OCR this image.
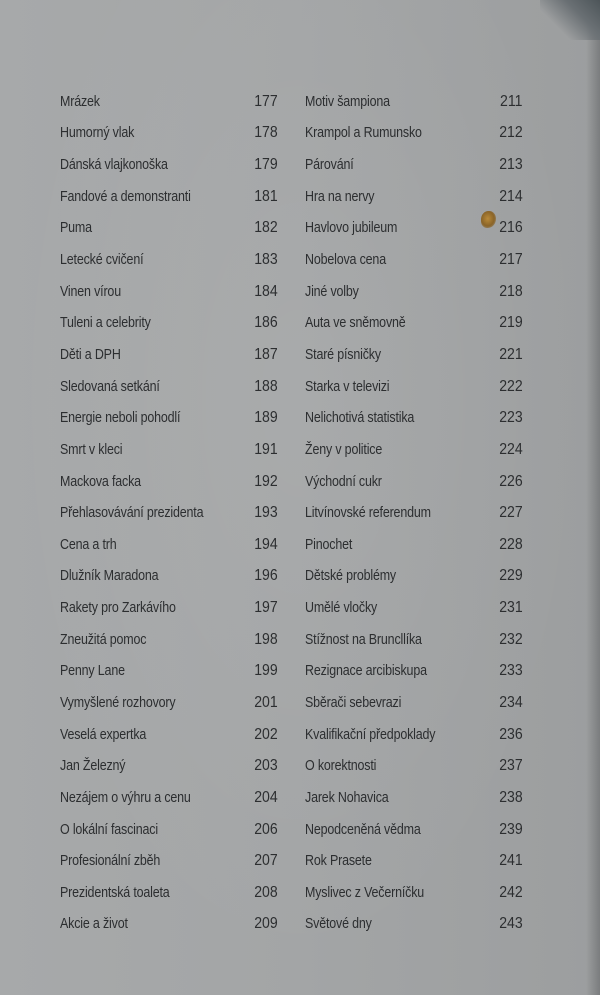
Mrázek	177
Humorný vlak	178
Dánská vlajkonoška	179
Fandové a demonstranti	181
Puma	182
Letecké cvičení	183
Vinen vírou	184
Tuleni a celebrity	186
Děti a DPH	187
Sledovaná setkání	188
Energie neboli pohodlí	189
Smrt v kleci	191
Mackova facka	192
Přehlasovávání prezidenta	193
Cena a trh	194
Dlužník Maradona	196
Rakety pro Zarkávího	197
Zneužitá pomoc	198
Penny Lane	199
Vymyšlené rozhovory	201
Veselá expertka	202
Jan Železný	203
Nezájem o výhru a cenu	204
O lokální fascinaci	206
Profesionální zběh	207
Prezidentská toaleta	208
Akcie a život	209
Motiv šampiona	211
Krampol a Rumunsko	212
Párování	213
Hra na nervy	214
Havlovo jubileum	216
Nobelova cena	217
Jiné volby	218
Auta ve sněmovně	219
Staré písničky	221
Starka v televizi	222
Nelichotivá statistika	223
Ženy v politice	224
Východní cukr	226
Litvínovské referendum	227
Pinochet	228
Dětské problémy	229
Umělé vločky	231
Stížnost na Bruncllíka	232
Rezignace arcibiskupa	233
Sběrači sebevrazi	234
Kvalifikační předpoklady	236
O korektnosti	237
Jarek Nohavica	238
Nepodceněná vědma	239
Rok Prasete	241
Myslivec z Večerníčku	242
Světové dny	243
